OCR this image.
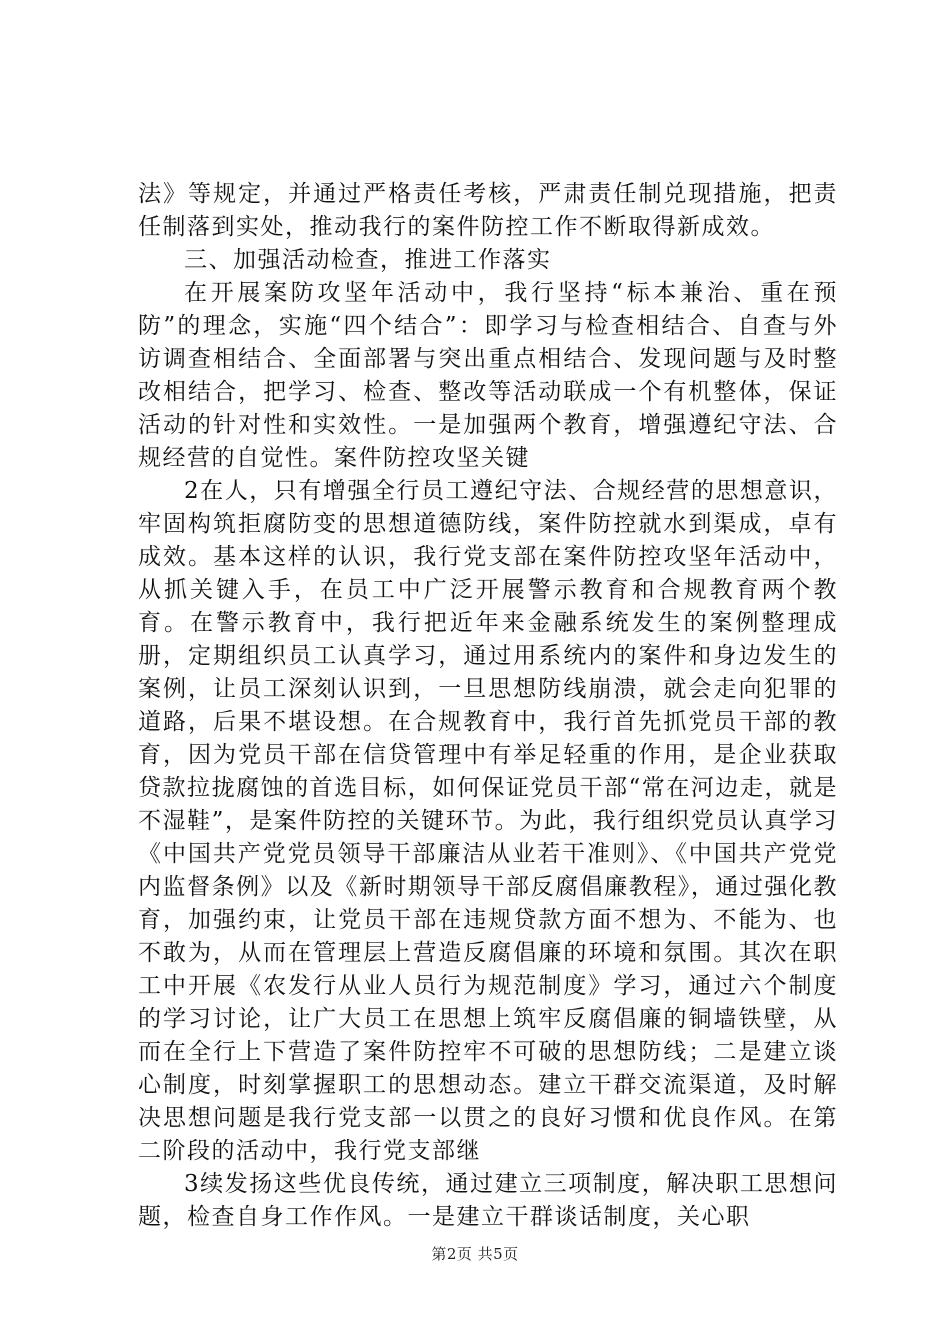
法》等规定，并通过严格责任考核，严肃责任制兑现措施，把责任制落到实处，推动我行的案件防控工作不断取得新成效。

三、加强活动检查，推进工作落实

在开展案防攻坚年活动中，我行坚持“标本兼治、重在预防”的理念，实施“四个结合”：即学习与检查相结合、自查与外访调查相结合、全面部署与突出重点相结合、发现问题与及时整改相结合，把学习、检查、整改等活动联成一个有机整体，保证活动的针对性和实效性。一是加强两个教育，增强遵纪守法、合规经营的自觉性。案件防控攻坚关键

2在人，只有增强全行员工遵纪守法、合规经营的思想意识，牢固构筑拒腐防变的思想道德防线，案件防控就水到渠成，卓有成效。基本这样的认识，我行党支部在案件防控攻坚年活动中，从抓关键入手，在员工中广泛开展警示教育和合规教育两个教育。在警示教育中，我行把近年来金融系统发生的案例整理成册，定期组织员工认真学习，通过用系统内的案件和身边发生的案例，让员工深刻认识到，一旦思想防线崩溃，就会走向犯罪的道路，后果不堪设想。在合规教育中，我行首先抓党员干部的教育，因为党员干部在信贷管理中有举足轻重的作用，是企业获取贷款拉拢腐蚀的首选目标，如何保证党员干部“常在河边走，就是不湿鞋”，是案件防控的关键环节。为此，我行组织党员认真学习《中国共产党党员领导干部廉洁从业若干准则》、《中国共产党党内监督条例》以及《新时期领导干部反腐倡廉教程》，通过强化教育，加强约束，让党员干部在违规贷款方面不想为、不能为、也不敢为，从而在管理层上营造反腐倡廉的环境和氛围。其次在职工中开展《农发行从业人员行为规范制度》学习，通过六个制度的学习讨论，让广大员工在思想上筑牢反腐倡廉的铜墙铁壁，从而在全行上下营造了案件防控牢不可破的思想防线；二是建立谈心制度，时刻掌握职工的思想动态。建立干群交流渠道，及时解决思想问题是我行党支部一以贯之的良好习惯和优良作风。在第二阶段的活动中，我行党支部继

3续发扬这些优良传统，通过建立三项制度，解决职工思想问题，检查自身工作作风。一是建立干群谈话制度，关心职

第2页 共5页
